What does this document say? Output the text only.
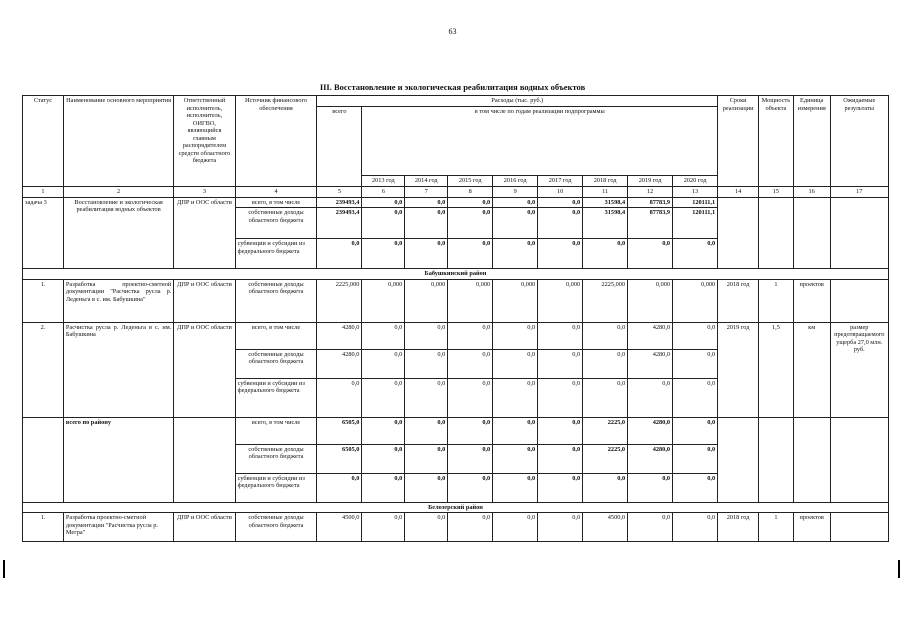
63
III. Восстановление и экологическая реабилитация водных объектов
Статус	Наименование основного мероприятия	Ответственный исполнитель, исполнитель, ОИГВО, являющийся главным распорядителем средств областного бюджета	Источник финансового обеспечения	Расходы (тыс. руб.)									Сроки реализации	Мощность объекта	Единица измерения	Ожидаемые результаты
				всего	в том числе по годам реализации подпрограммы											
					2013 год	2014 год	2015 год	2016 год	2017 год	2018 год	2019 год	2020 год				
1	2	3	4	5	6	7	8	9	10	11	12	13	14	15	16	17
задача 3	Восстановление и экологическая реабилитация водных объектов	ДПР и ООС области	всего, в том числе	239493,4	0,0	0,0	0,0	0,0	0,0	31598,4	87783,9	120111,1				
			собственные доходы областного бюджета	239493,4	0,0	0,0	0,0	0,0	0,0	31598,4	87783,9	120111,1				
			субвенции и субсидии из федерального бюджета	0,0	0,0	0,0	0,0	0,0	0,0	0,0	0,0	0,0				
Бабушкинский район																
1.	Разработка проектно-сметной документации "Расчистка русла р. Леденьга в с. им. Бабушкина"	ДПР и ООС области	собственные доходы областного бюджета	2225,000	0,000	0,000	0,000	0,000	0,000	2225,000	0,000	0,000	2018 год	1	проектов	
2.	Расчистка русла р. Леденьга в с. им. Бабушкина	ДПР и ООС области	всего, в том числе	4280,0	0,0	0,0	0,0	0,0	0,0	0,0	4280,0	0,0	2019 год	1,5	км	размер предотвращаемого ущерба 27,0 млн. руб.
			собственные доходы областного бюджета	4280,0	0,0	0,0	0,0	0,0	0,0	0,0	4280,0	0,0				
			субвенции и субсидии из федерального бюджета	0,0	0,0	0,0	0,0	0,0	0,0	0,0	0,0	0,0				
	всего по району		всего, в том числе	6505,0	0,0	0,0	0,0	0,0	0,0	2225,0	4280,0	0,0				
			собственные доходы областного бюджета	6505,0	0,0	0,0	0,0	0,0	0,0	2225,0	4280,0	0,0				
			субвенции и субсидии из федерального бюджета	0,0	0,0	0,0	0,0	0,0	0,0	0,0	0,0	0,0				
Белозерский район																
1.	Разработка проектно-сметной документации "Расчистка русла р. Мегра"	ДПР и ООС области	собственные доходы областного бюджета	4500,0	0,0	0,0	0,0	0,0	0,0	4500,0	0,0	0,0	2018 год	1	проектов	
